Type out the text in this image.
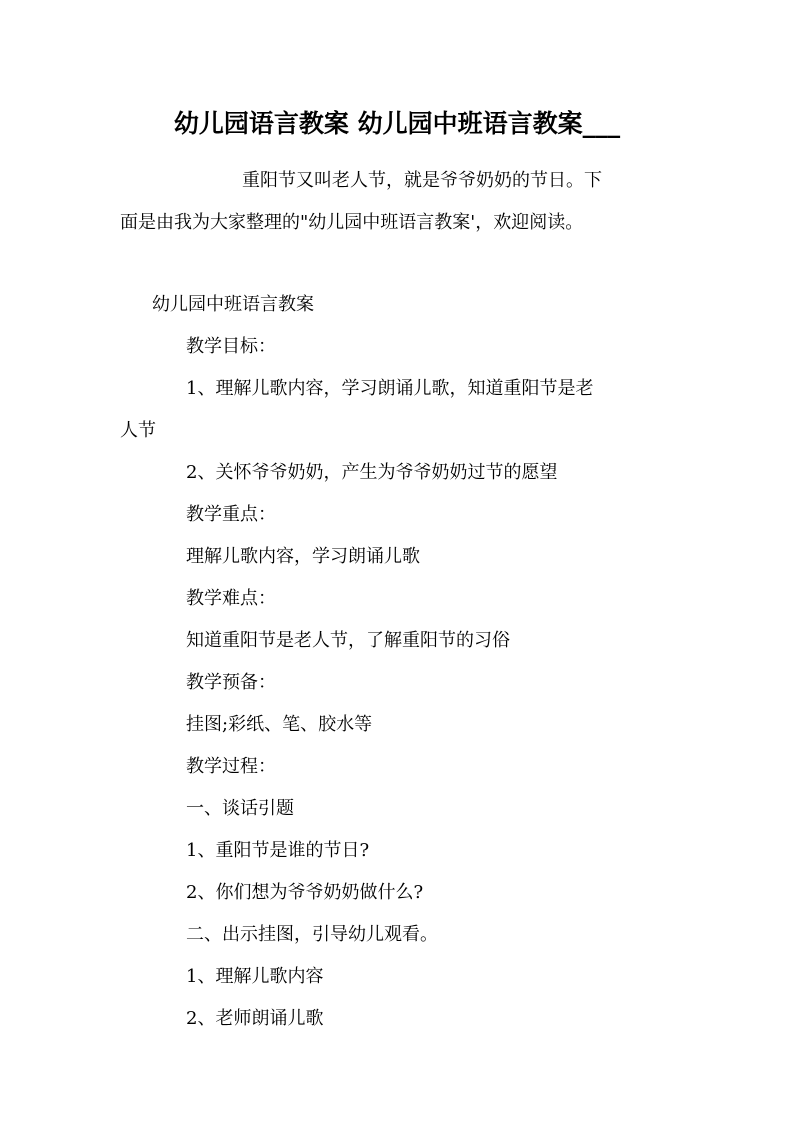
幼儿园语言教案 幼儿园中班语言教案___
重阳节又叫老人节，就是爷爷奶奶的节日。下
面是由我为大家整理的"幼儿园中班语言教案'，欢迎阅读。
幼儿园中班语言教案
教学目标：
1、理解儿歌内容，学习朗诵儿歌，知道重阳节是老
人节
2、关怀爷爷奶奶，产生为爷爷奶奶过节的愿望
教学重点：
理解儿歌内容，学习朗诵儿歌
教学难点：
知道重阳节是老人节，了解重阳节的习俗
教学预备：
挂图;彩纸、笔、胶水等
教学过程：
一、谈话引题
1、重阳节是谁的节日?
2、你们想为爷爷奶奶做什么?
二、出示挂图，引导幼儿观看。
1、理解儿歌内容
2、老师朗诵儿歌
